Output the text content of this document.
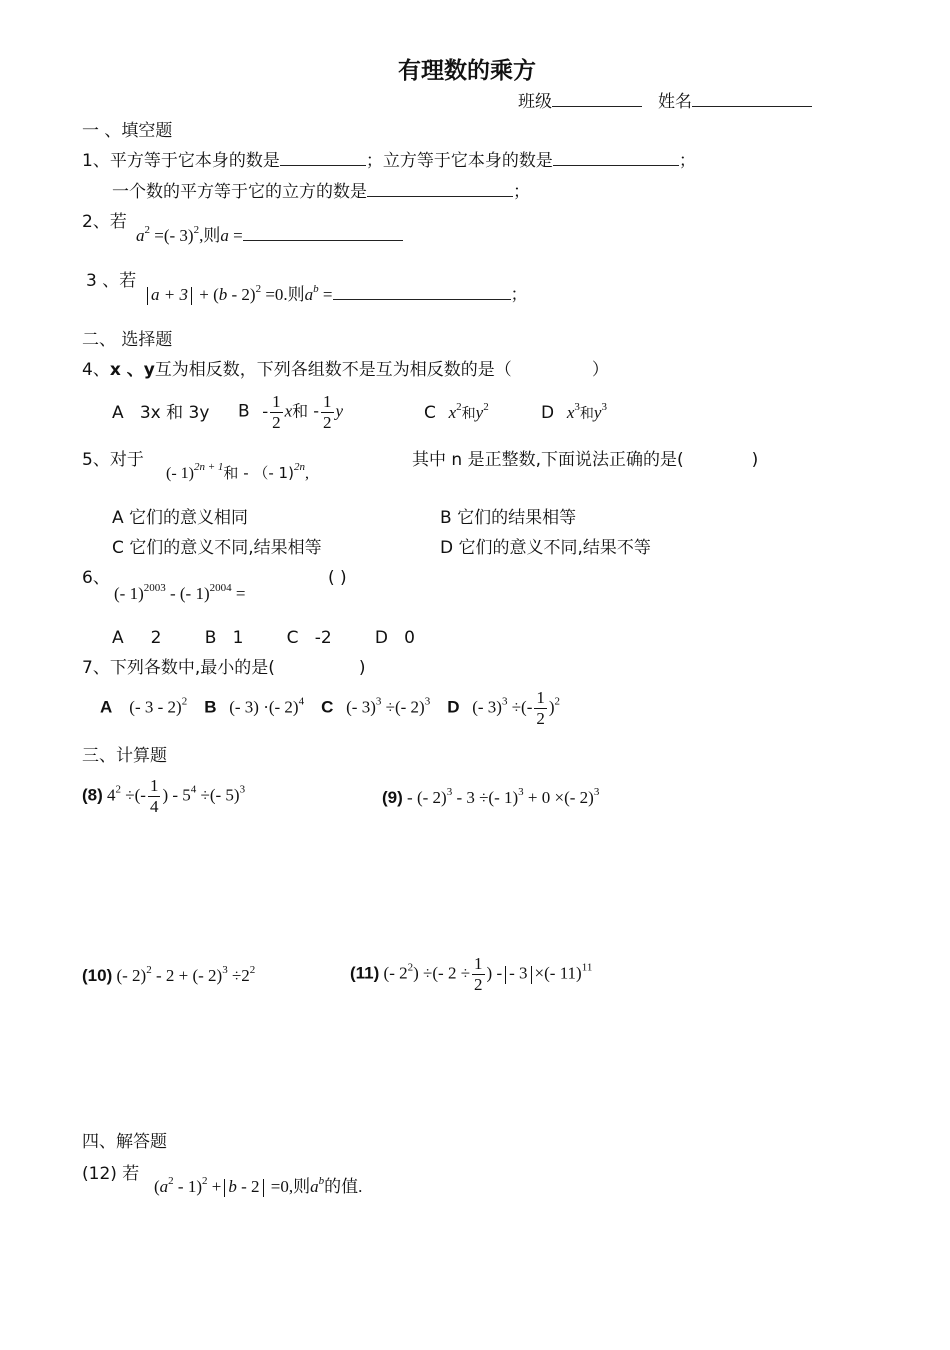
有理数的乘方
班级	姓名
一 、填空题
1、平方等于它本身的数是	；立方等于它本身的数是	；
一个数的平方等于它的立方的数是	；
2、若
$a^2$ =(- 3)$^2$,则a =
3 、若
a + 3 + (b - 2)$^2$ =0.则$a^b$ =	；
二、 选择题
4、x 、y互为相反数，下列各组数不是互为相反数的是（	）
A 3x 和 3y B - $\frac{1}{2}$ x和 - $\frac{1}{2}$ y	C $x^2$和$y^2$	D $x^3$和$y^3$
5、对于
(- 1)$^{2n + 1}$和 - （- 1)$^{2n}$,
其中 n 是正整数,下面说法正确的是(	)
A 它们的意义相同	B 它们的结果相等
C 它们的意义不同,结果相等	D 它们的意义不同,结果不等
6、
(- 1)$^{2003}$ - (- 1)$^{2004}$ =
( )
A     2        B   1        C   -2        D   0
7、下列各数中,最小的是(	)
A (- 3 - 2)$^2$ B (- 3) ·(- 2)$^4$ C (- 3)$^3$ ÷(- 2)$^3$ D (- 3)$^3$ ÷(- $\frac{1}{2} )^2$
三、计算题
(8) $4^2$ ÷(- $\frac{1}{4}$ ) - $5^4$ ÷(- 5)$^3$	(9) - (- 2)$^3$ - 3 ÷(- 1)$^3$ + 0 ×(- 2)$^3$
(10) (- 2)$^2$ - 2 + (- $2)^3 \div 2^2$	(11) (- $2^2$) ÷(- $2 \div \frac{1}{2}$ ) - - 3 ×(- 11)$^{11}$
四、解答题
(12) 若
$(a^2 - 1)^2 + b - 2 =0$,则$a^b$的值.
